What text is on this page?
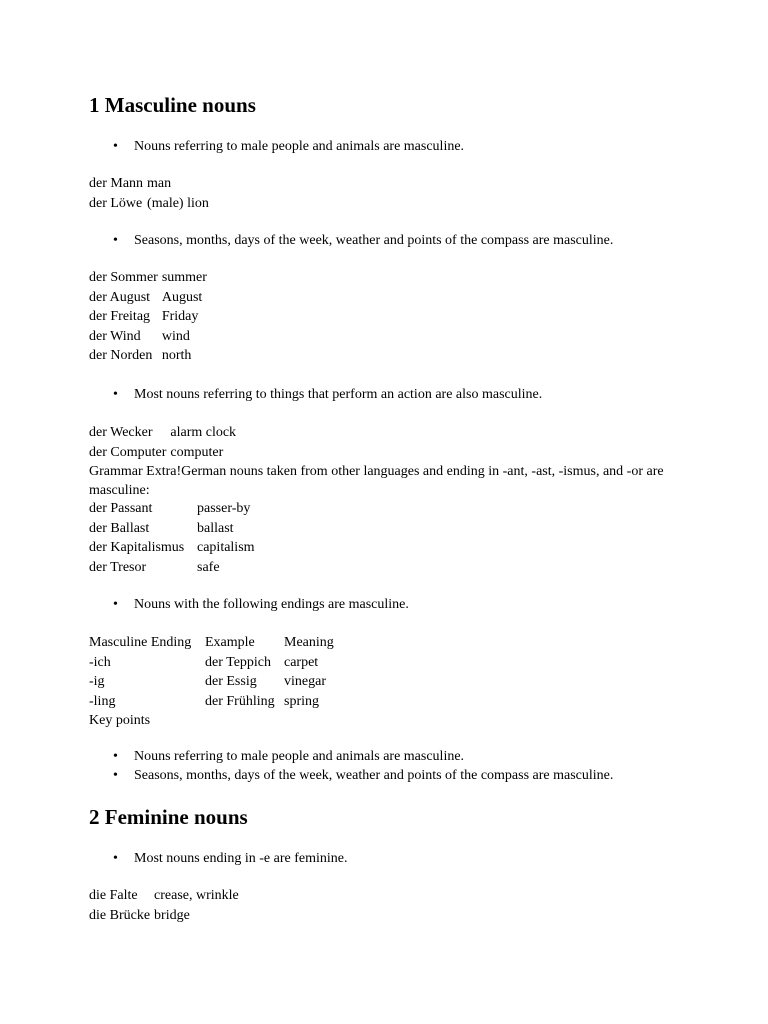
1 Masculine nouns
• Nouns referring to male people and animals are masculine.
der Mann	man
der Löwe	(male) lion
• Seasons, months, days of the week, weather and points of the compass are masculine.
der Sommer	summer
der August	August
der Freitag	Friday
der Wind	wind
der Norden	north
• Most nouns referring to things that perform an action are also masculine.
der Wecker	alarm clock
der Computer	computer
Grammar Extra!German nouns taken from other languages and ending in -ant, -ast, -ismus, and -or are masculine:
der Passant	passer-by
der Ballast	ballast
der Kapitalismus	capitalism
der Tresor	safe
• Nouns with the following endings are masculine.
Masculine Ending	Example	Meaning
-ich	der Teppich	carpet
-ig	der Essig	vinegar
-ling	der Frühling	spring
Key points
• Nouns referring to male people and animals are masculine.
• Seasons, months, days of the week, weather and points of the compass are masculine.
2 Feminine nouns
• Most nouns ending in -e are feminine.
die Falte	crease, wrinkle
die Brücke	bridge
